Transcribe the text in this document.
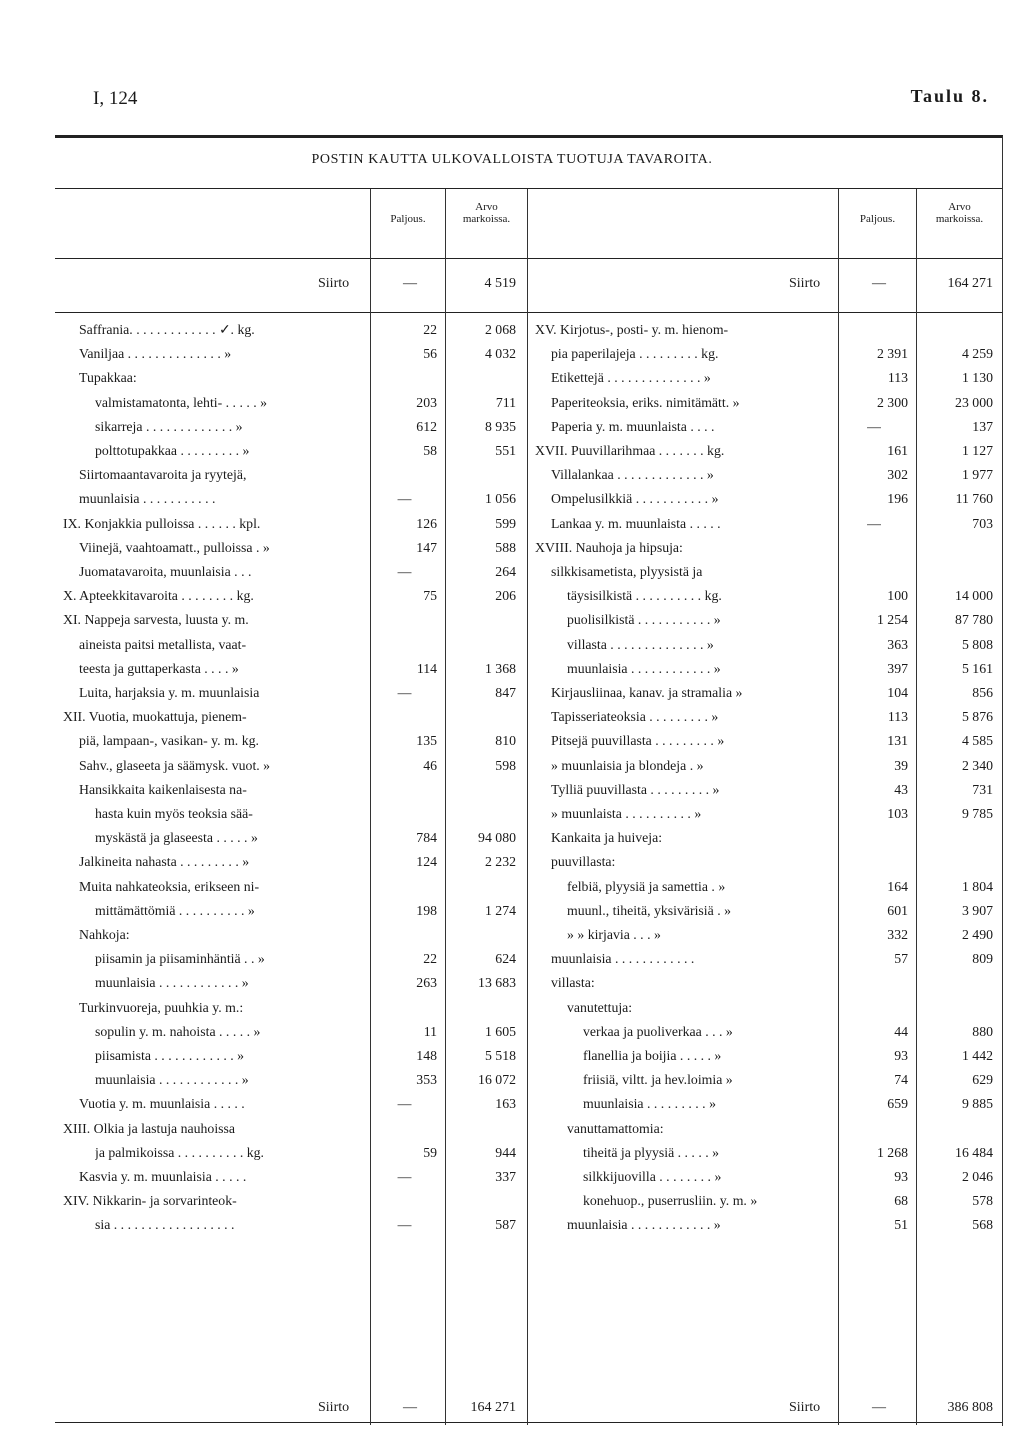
I, 124	Taulu 8.
POSTIN KAUTTA ULKOVALLOISTA TUOTUJA TAVAROITA.
Paljous.
Arvo
markoissa.	Paljous.
Arvo
markoissa.
Siirto	—	4 519	Siirto	—	164 271
Saffrania. . . . . . . . . . . . . ✓. kg.	22	2 068
Vaniljaa . . . . . . . . . . . . . . »	56	4 032
Tupakkaa:
valmistamatonta, lehti- . . . . . »	203	711
sikarreja . . . . . . . . . . . . . »	612	8 935
polttotupakkaa . . . . . . . . . »	58	551
Siirtomaantavaroita ja ryytejä,
muunlaisia . . . . . . . . . . .	—	1 056
IX. Konjakkia pulloissa . . . . . . kpl.	126	599
Viinejä, vaahtoamatt., pulloissa . »	147	588
Juomatavaroita, muunlaisia . . .	—	264
X. Apteekkitavaroita . . . . . . . . kg.	75	206
XI. Nappeja sarvesta, luusta y. m.
aineista paitsi metallista, vaat-
teesta ja guttaperkasta . . . . »	114	1 368
Luita, harjaksia y. m. muunlaisia	—	847
XII. Vuotia, muokattuja, pienem-
piä, lampaan-, vasikan- y. m. kg.	135	810
Sahv., glaseeta ja säämysk. vuot. »	46	598
Hansikkaita kaikenlaisesta na-
hasta kuin myös teoksia sää-
myskästä ja glaseesta . . . . . »	784	94 080
Jalkineita nahasta . . . . . . . . . »	124	2 232
Muita nahkateoksia, erikseen ni-
mittämättömiä . . . . . . . . . . »	198	1 274
Nahkoja:
piisamin ja piisaminhäntiä . . »	22	624
muunlaisia . . . . . . . . . . . . »	263	13 683
Turkinvuoreja, puuhkia y. m.:
sopulin y. m. nahoista . . . . . »	11	1 605
piisamista . . . . . . . . . . . . »	148	5 518
muunlaisia . . . . . . . . . . . . »	353	16 072
Vuotia y. m. muunlaisia . . . . .	—	163
XIII. Olkia ja lastuja nauhoissa
ja palmikoissa . . . . . . . . . . kg.	59	944
Kasvia y. m. muunlaisia . . . . .	—	337
XIV. Nikkarin- ja sorvarinteok-
sia . . . . . . . . . . . . . . . . . .	—	587
XV. Kirjotus-, posti- y. m. hienom-
pia paperilajeja . . . . . . . . . kg.	2 391	4 259
Etikettejä . . . . . . . . . . . . . . »	113	1 130
Paperiteoksia, eriks. nimitämätt. »	2 300	23 000
Paperia y. m. muunlaista . . . .	—	137
XVII. Puuvillarihmaa . . . . . . . kg.	161	1 127
Villalankaa . . . . . . . . . . . . . »	302	1 977
Ompelusilkkiä . . . . . . . . . . . »	196	11 760
Lankaa y. m. muunlaista . . . . .	—	703
XVIII. Nauhoja ja hipsuja:
silkkisametista, plyysistä ja
täysisilkistä . . . . . . . . . . kg.	100	14 000
puolisilkistä . . . . . . . . . . . »	1 254	87 780
villasta . . . . . . . . . . . . . . »	363	5 808
muunlaisia . . . . . . . . . . . . »	397	5 161
Kirjausliinaa, kanav. ja stramalia »	104	856
Tapisseriateoksia . . . . . . . . . »	113	5 876
Pitsejä puuvillasta . . . . . . . . . »	131	4 585
» muunlaisia ja blondeja . »	39	2 340
Tylliä puuvillasta . . . . . . . . . »	43	731
» muunlaista . . . . . . . . . . »	103	9 785
Kankaita ja huiveja:
puuvillasta:
felbiä, plyysiä ja samettia . »	164	1 804
muunl., tiheitä, yksivärisiä . »	601	3 907
» » kirjavia . . . »	332	2 490
muunlaisia . . . . . . . . . . . .	57	809
villasta:
vanutettuja:
verkaa ja puoliverkaa . . . »	44	880
flanellia ja boijia . . . . . »	93	1 442
friisiä, viltt. ja hev.loimia »	74	629
muunlaisia . . . . . . . . . »	659	9 885
vanuttamattomia:
tiheitä ja plyysiä . . . . . »	1 268	16 484
silkkijuovilla . . . . . . . . »	93	2 046
konehuop., puserrusliin. y. m. »	68	578
muunlaisia . . . . . . . . . . . . »	51	568
Siirto	—	164 271	Siirto	—	386 808
